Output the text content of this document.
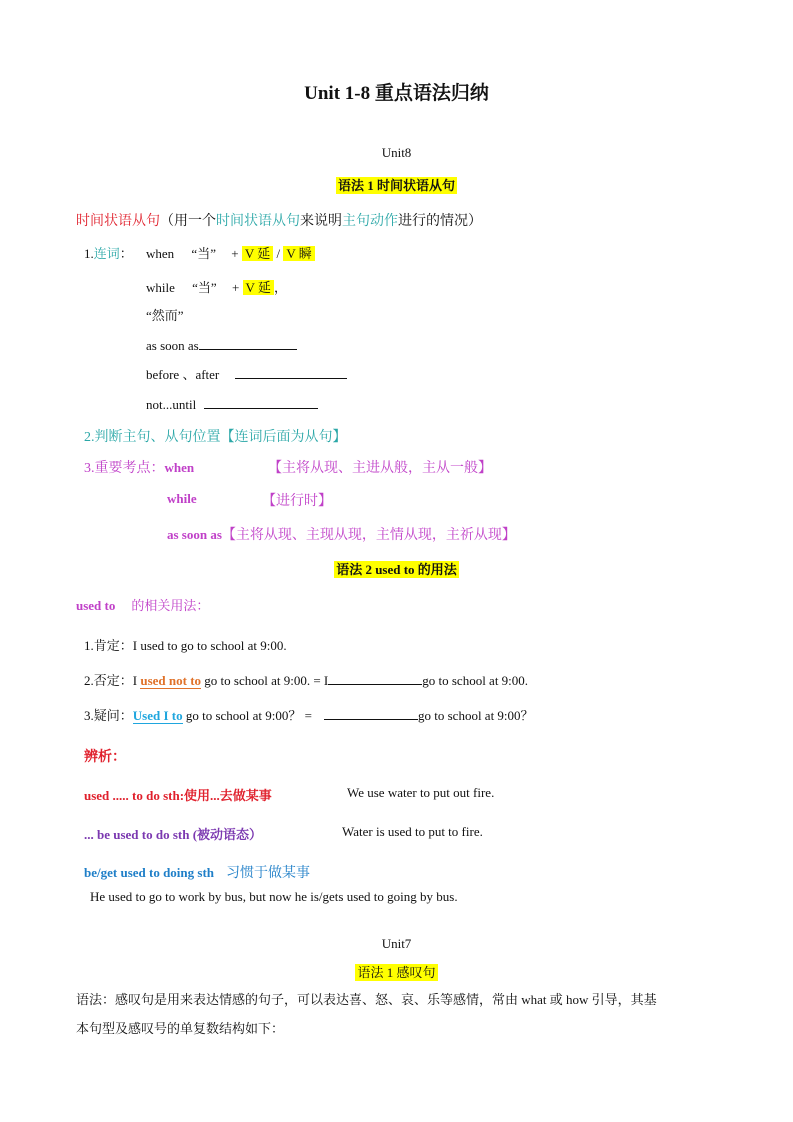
Unit 1-8 重点语法归纳
Unit8
语法 1 时间状语从句
时间状语从句（用一个时间状语从句来说明主句动作进行的情况）
1.连词： when “当” + V 延 / V 瞬
while “当” + V 延 ，
“然而”
as soon as
before 、after
not...until
2.判断主句、从句位置【连词后面为从句】
3.重要考点：when	【主将从现、主进从般，主从一般】
while	【进行时】
as soon as【主将从现、主现从现，主情从现，主祈从现】
语法 2 used to 的用法
used to 的相关用法：
1.肯定：I used to go to school at 9:00.
2.否定：I used not to go to school at 9:00. = I	go to school at 9:00.
3.疑问：Used I to go to school at 9:00？ =	go to school at 9:00？
辨析：
used ..... to do sth:使用...去做某事	We use water to put out fire.
... be used to do sth (被动语态）	Water is used to put to fire.
be/get used to doing sth 习惯于做某事
He used to go to work by bus, but now he is/gets used to going by bus.
Unit7
语法 1 感叹句
语法：感叹句是用来表达情感的句子，可以表达喜、怒、哀、乐等感情，常由 what 或 how 引导，其基
本句型及感叹号的单复数结构如下：
